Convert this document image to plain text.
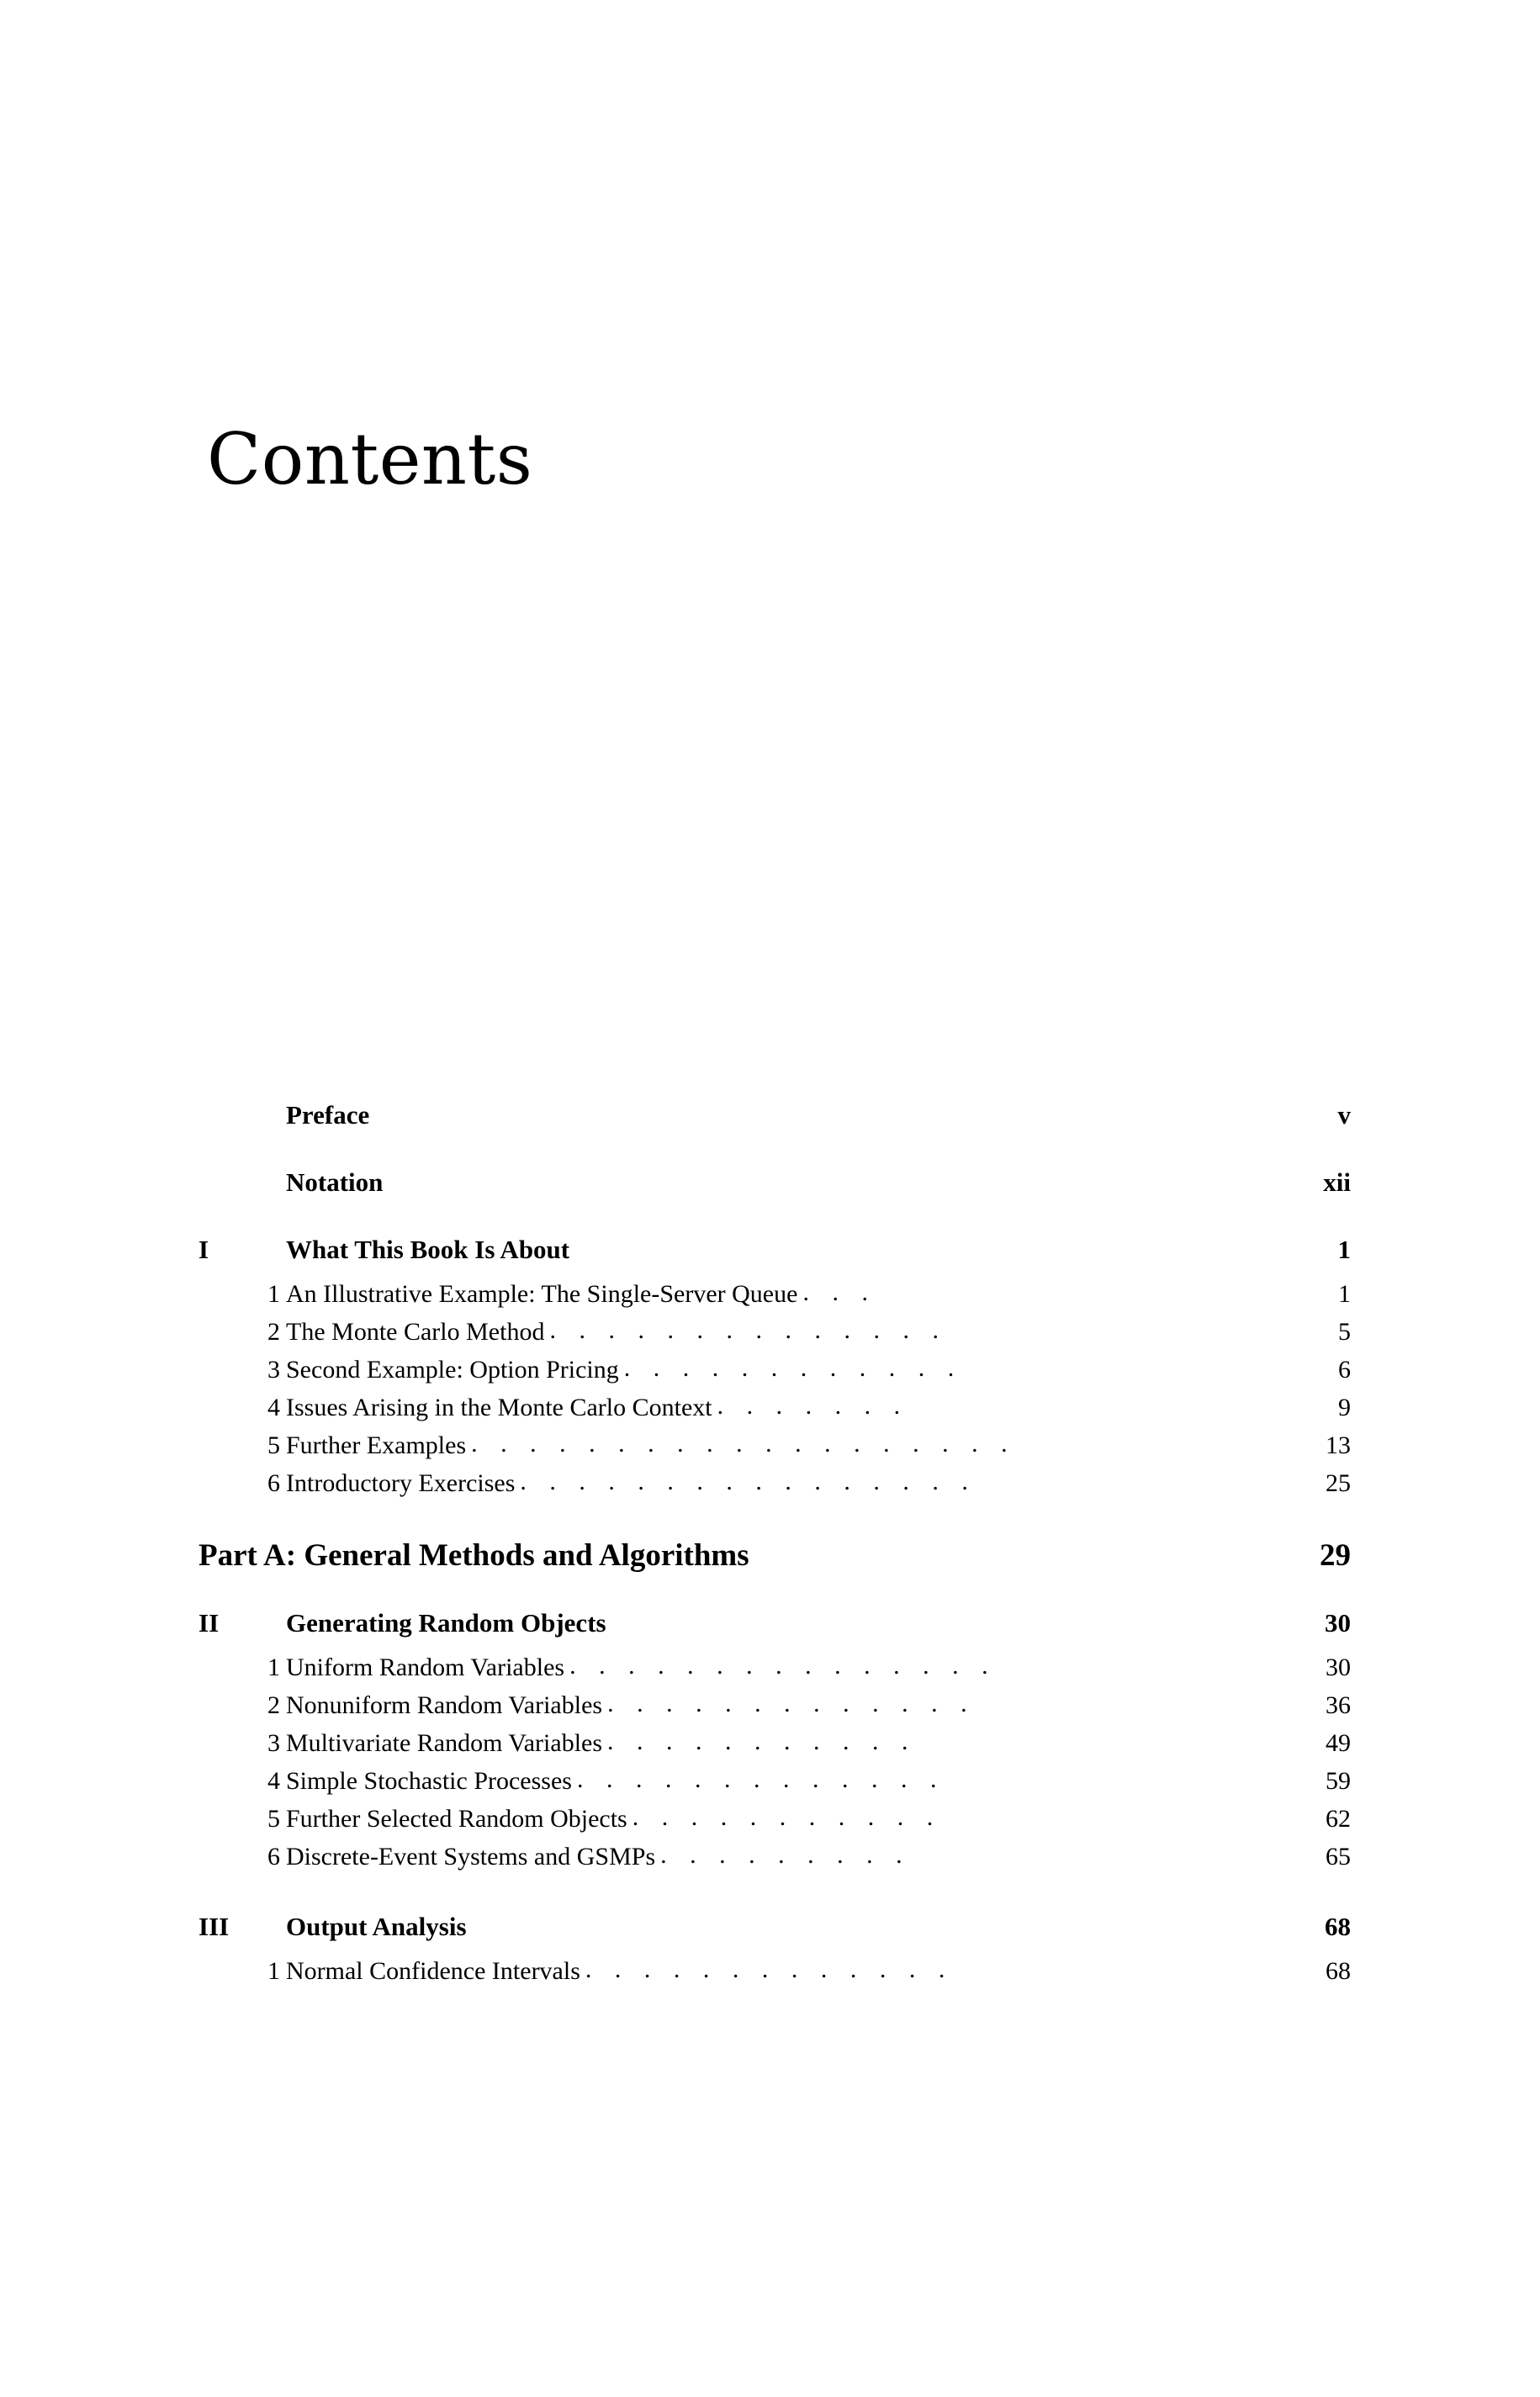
Contents
Preface	v
Notation	xii
I	What This Book Is About	1
1 An Illustrative Example: The Single-Server Queue . . .	1
2 The Monte Carlo Method . . . . . . . . . . . . . .	5
3 Second Example: Option Pricing . . . . . . . . . . . .	6
4 Issues Arising in the Monte Carlo Context . . . . . . .	9
5 Further Examples . . . . . . . . . . . . . . . . . . .	13
6 Introductory Exercises . . . . . . . . . . . . . . . .	25
Part A: General Methods and Algorithms	29
II	Generating Random Objects	30
1 Uniform Random Variables . . . . . . . . . . . . . . .	30
2 Nonuniform Random Variables . . . . . . . . . . . . .	36
3 Multivariate Random Variables . . . . . . . . . . .	49
4 Simple Stochastic Processes . . . . . . . . . . . . .	59
5 Further Selected Random Objects . . . . . . . . . . .	62
6 Discrete-Event Systems and GSMPs . . . . . . . . .	65
III	Output Analysis	68
1 Normal Confidence Intervals . . . . . . . . . . . . .	68
